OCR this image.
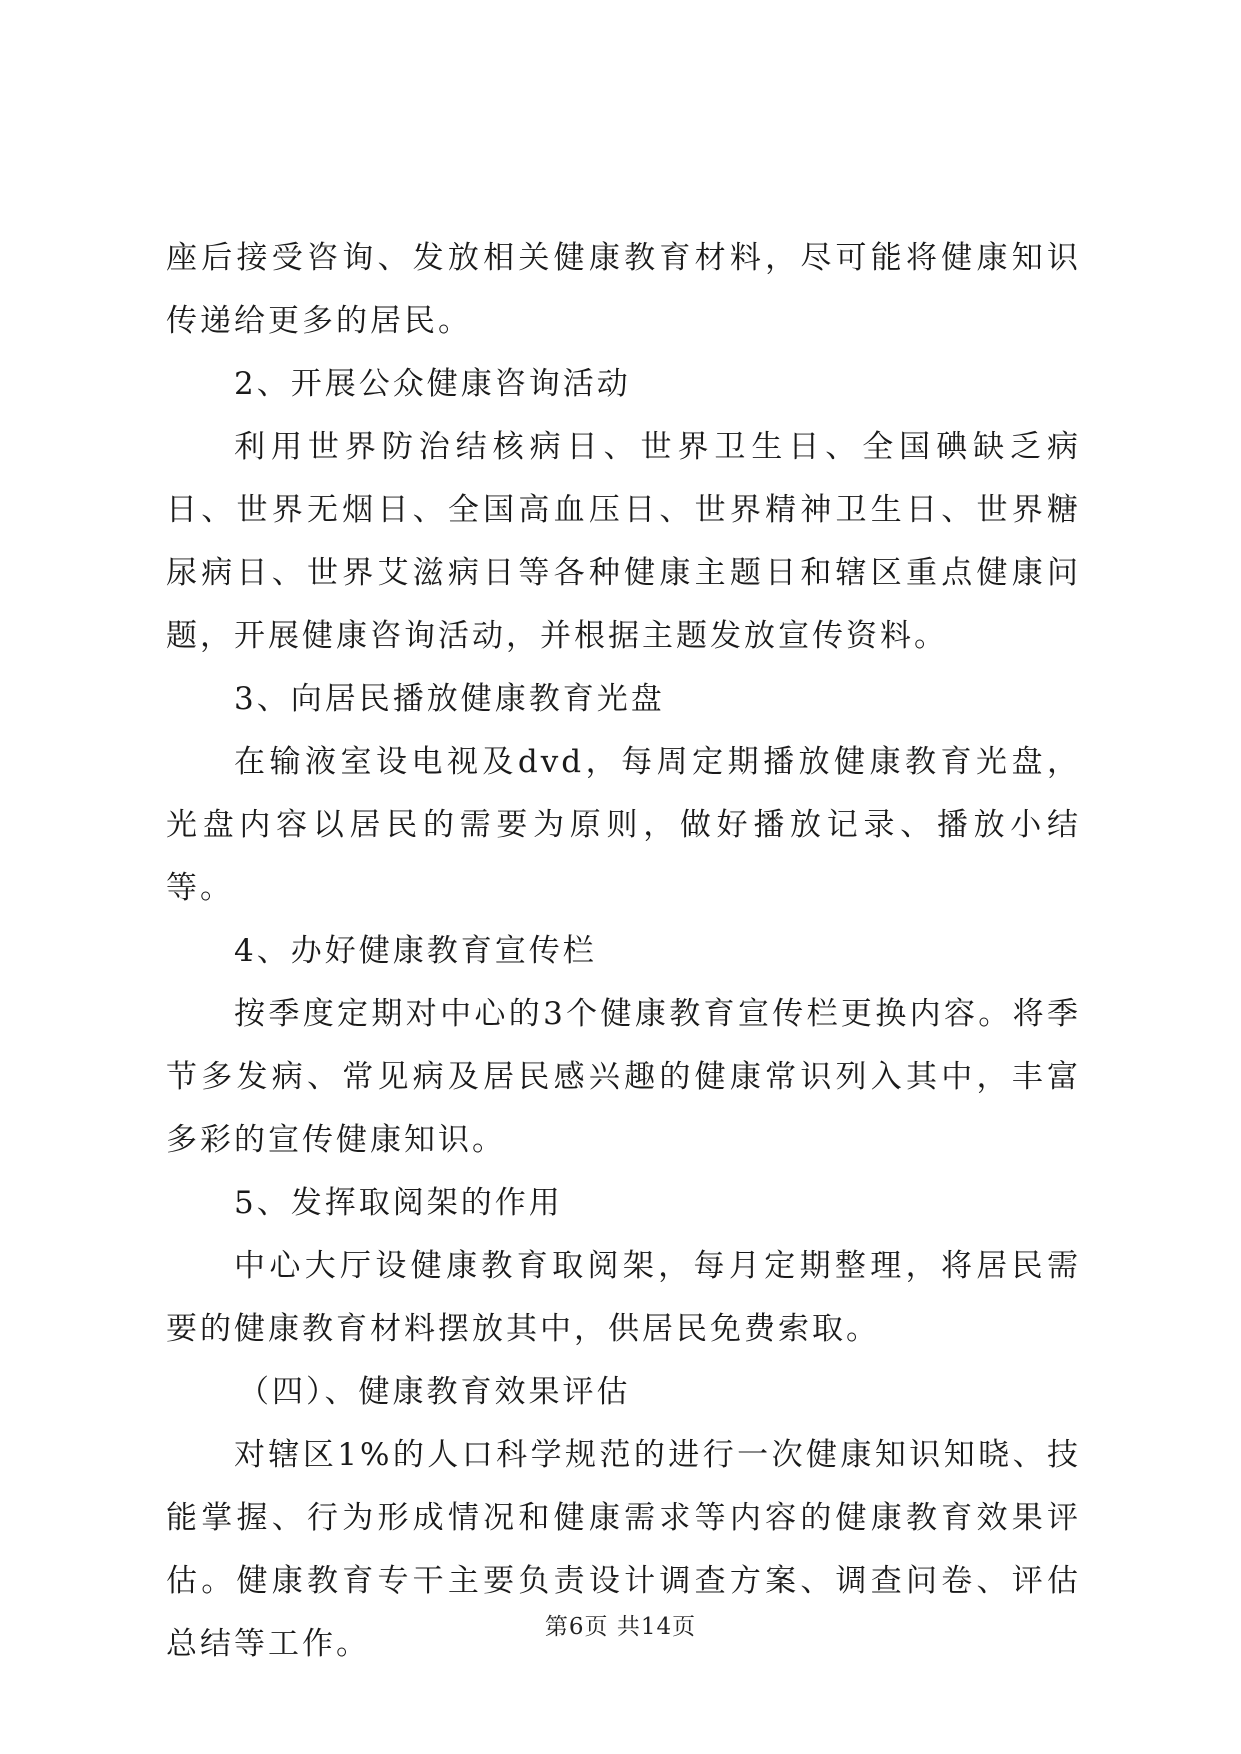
座后接受咨询、发放相关健康教育材料，尽可能将健康知识传递给更多的居民。

2、开展公众健康咨询活动

利用世界防治结核病日、世界卫生日、全国碘缺乏病日、世界无烟日、全国高血压日、世界精神卫生日、世界糖尿病日、世界艾滋病日等各种健康主题日和辖区重点健康问题，开展健康咨询活动，并根据主题发放宣传资料。

3、向居民播放健康教育光盘

在输液室设电视及dvd，每周定期播放健康教育光盘，光盘内容以居民的需要为原则，做好播放记录、播放小结等。

4、办好健康教育宣传栏

按季度定期对中心的3个健康教育宣传栏更换内容。将季节多发病、常见病及居民感兴趣的健康常识列入其中，丰富多彩的宣传健康知识。

5、发挥取阅架的作用

中心大厅设健康教育取阅架，每月定期整理，将居民需要的健康教育材料摆放其中，供居民免费索取。

（四）、健康教育效果评估

对辖区1%的人口科学规范的进行一次健康知识知晓、技能掌握、行为形成情况和健康需求等内容的健康教育效果评估。健康教育专干主要负责设计调查方案、调查问卷、评估总结等工作。	第6页 共14页
